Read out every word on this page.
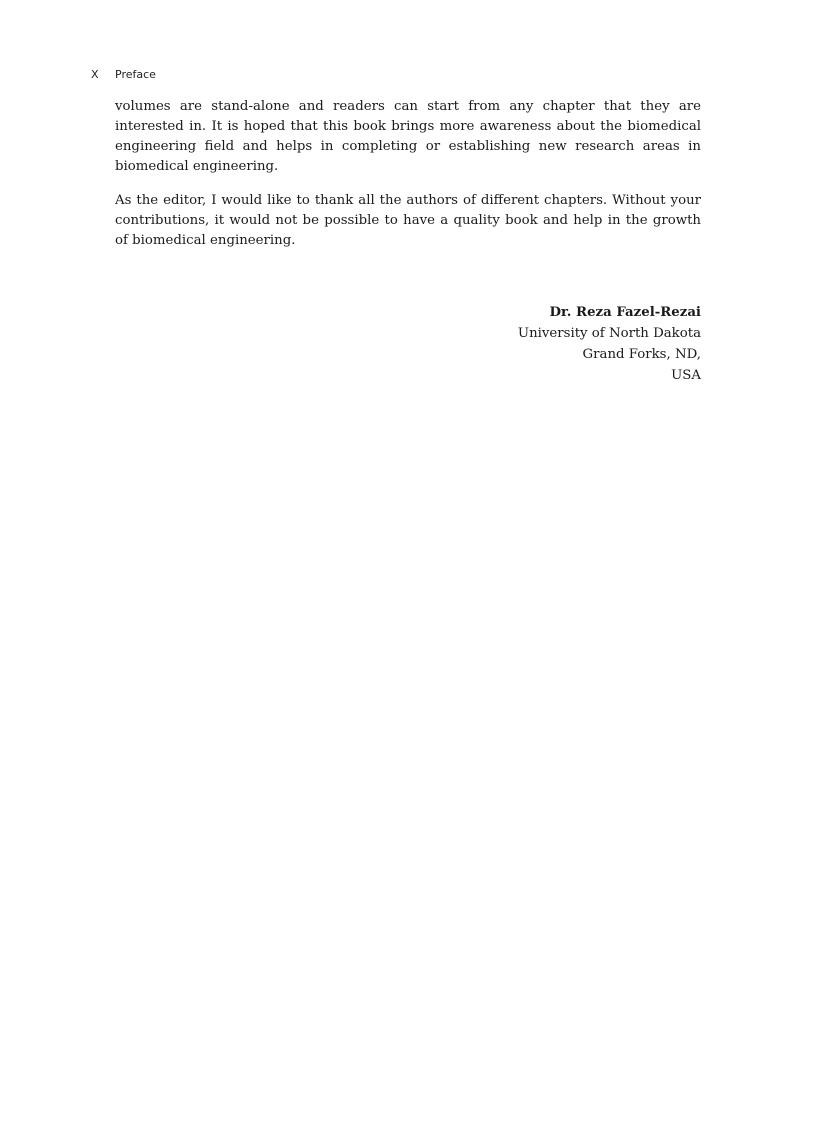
X	Preface

volumes are stand-alone and readers can start from any chapter that they are interested in. It is hoped that this book brings more awareness about the biomedical engineering field and helps in completing or establishing new research areas in biomedical engineering.

As the editor, I would like to thank all the authors of different chapters. Without your contributions, it would not be possible to have a quality book and help in the growth of biomedical engineering.

Dr. Reza Fazel-Rezai
University of North Dakota
Grand Forks, ND,
USA
